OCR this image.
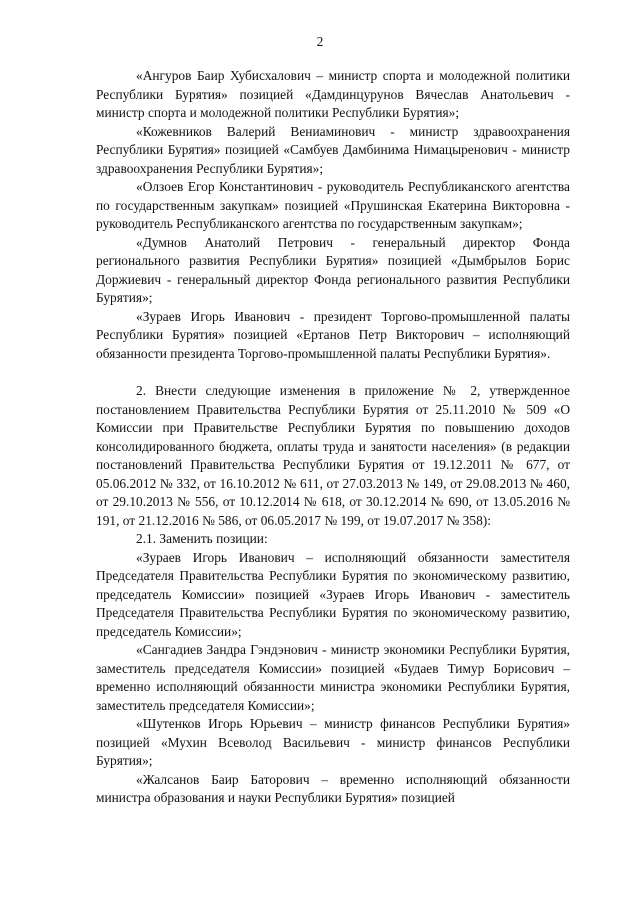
2

«Ангуров Баир Хубисхалович – министр спорта и молодежной политики Республики Бурятия» позицией «Дамдинцурунов Вячеслав Анатольевич - министр спорта и молодежной политики Республики Бурятия»;

«Кожевников Валерий Вениаминович - министр здравоохранения Республики Бурятия» позицией «Самбуев Дамбинима Нимацыренович - министр здравоохранения Республики Бурятия»;

«Олзоев Егор Константинович - руководитель Республиканского агентства по государственным закупкам» позицией «Прушинская Екатерина Викторовна - руководитель Республиканского агентства по государственным закупкам»;

«Думнов Анатолий Петрович - генеральный директор Фонда регионального развития Республики Бурятия» позицией «Дымбрылов Борис Доржиевич - генеральный директор Фонда регионального развития Республики Бурятия»;

«Зураев Игорь Иванович - президент Торгово-промышленной палаты Республики Бурятия» позицией «Ертанов Петр Викторович – исполняющий обязанности президента Торгово-промышленной палаты Республики Бурятия».

2. Внести следующие изменения в приложение № 2, утвержденное постановлением Правительства Республики Бурятия от 25.11.2010 № 509 «О Комиссии при Правительстве Республики Бурятия по повышению доходов консолидированного бюджета, оплаты труда и занятости населения» (в редакции постановлений Правительства Республики Бурятия от 19.12.2011 № 677, от 05.06.2012 № 332, от 16.10.2012 № 611, от 27.03.2013 № 149, от 29.08.2013 № 460, от 29.10.2013 № 556, от 10.12.2014 № 618, от 30.12.2014 № 690, от 13.05.2016 № 191, от 21.12.2016 № 586, от 06.05.2017 № 199, от 19.07.2017 № 358):

2.1. Заменить позиции:

«Зураев Игорь Иванович – исполняющий обязанности заместителя Председателя Правительства Республики Бурятия по экономическому развитию, председатель Комиссии» позицией «Зураев Игорь Иванович - заместитель Председателя Правительства Республики Бурятия по экономическому развитию, председатель Комиссии»;

«Сангадиев Зандра Гэндэнович - министр экономики Республики Бурятия, заместитель председателя Комиссии» позицией «Будаев Тимур Борисович – временно исполняющий обязанности министра экономики Республики Бурятия, заместитель председателя Комиссии»;

«Шутенков Игорь Юрьевич – министр финансов Республики Бурятия» позицией «Мухин Всеволод Васильевич - министр финансов Республики Бурятия»;

«Жалсанов Баир Баторович – временно исполняющий обязанности министра образования и науки Республики Бурятия» позицией
